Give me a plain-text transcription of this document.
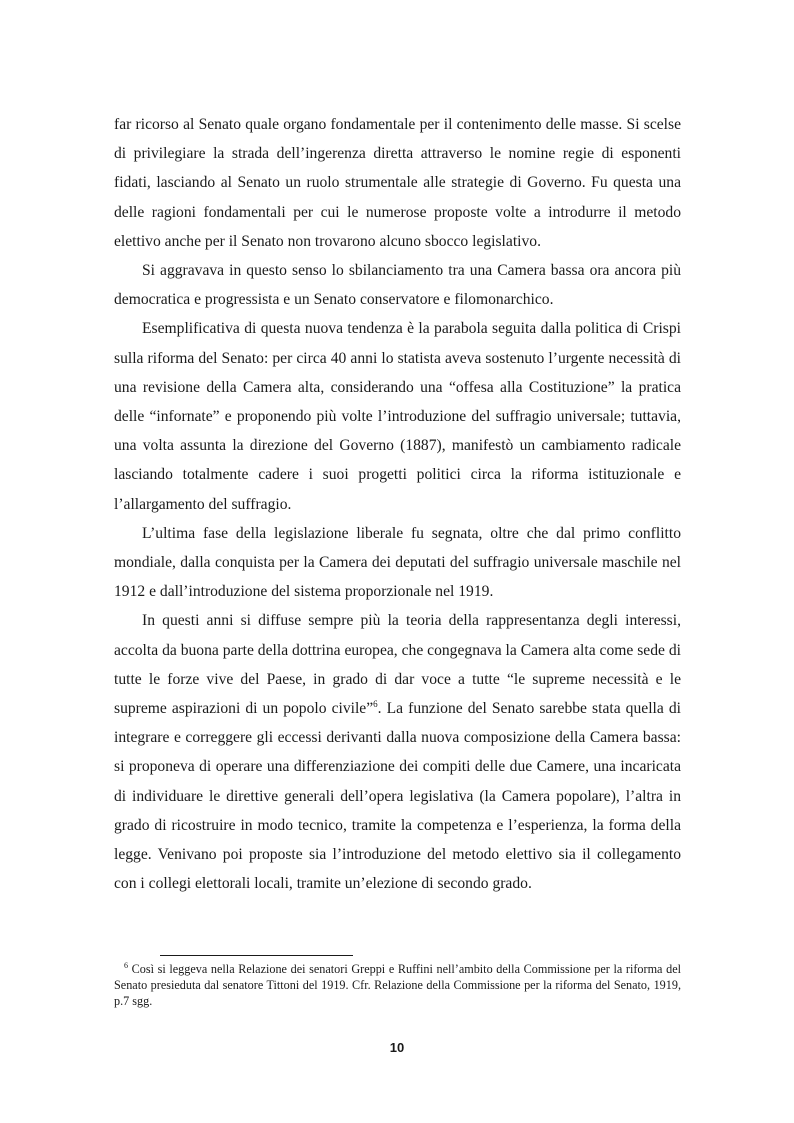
far ricorso al Senato quale organo fondamentale per il contenimento delle masse. Si scelse di privilegiare la strada dell’ingerenza diretta attraverso le nomine regie di esponenti fidati, lasciando al Senato un ruolo strumentale alle strategie di Governo. Fu questa una delle ragioni fondamentali per cui le numerose proposte volte a introdurre il metodo elettivo anche per il Senato non trovarono alcuno sbocco legislativo.

Si aggravava in questo senso lo sbilanciamento tra una Camera bassa ora ancora più democratica e progressista e un Senato conservatore e filomonarchico.

Esemplificativa di questa nuova tendenza è la parabola seguita dalla politica di Crispi sulla riforma del Senato: per circa 40 anni lo statista aveva sostenuto l’urgente necessità di una revisione della Camera alta, considerando una “offesa alla Costituzione” la pratica delle “infornate” e proponendo più volte l’introduzione del suffragio universale; tuttavia, una volta assunta la direzione del Governo (1887), manifestò un cambiamento radicale lasciando totalmente cadere i suoi progetti politici circa la riforma istituzionale e l’allargamento del suffragio.

L’ultima fase della legislazione liberale fu segnata, oltre che dal primo conflitto mondiale, dalla conquista per la Camera dei deputati del suffragio universale maschile nel 1912 e dall’introduzione del sistema proporzionale nel 1919.

In questi anni si diffuse sempre più la teoria della rappresentanza degli interessi, accolta da buona parte della dottrina europea, che congegnava la Camera alta come sede di tutte le forze vive del Paese, in grado di dar voce a tutte “le supreme necessità e le supreme aspirazioni di un popolo civile”$^6$. La funzione del Senato sarebbe stata quella di integrare e correggere gli eccessi derivanti dalla nuova composizione della Camera bassa: si proponeva di operare una differenziazione dei compiti delle due Camere, una incaricata di individuare le direttive generali dell’opera legislativa (la Camera popolare), l’altra in grado di ricostruire in modo tecnico, tramite la competenza e l’esperienza, la forma della legge. Venivano poi proposte sia l’introduzione del metodo elettivo sia il collegamento con i collegi elettorali locali, tramite un’elezione di secondo grado.

$^6$ Così si leggeva nella Relazione dei senatori Greppi e Ruffini nell’ambito della Commissione per la riforma del Senato presieduta dal senatore Tittoni del 1919. Cfr. Relazione della Commissione per la riforma del Senato, 1919, p.7 sgg.

10
